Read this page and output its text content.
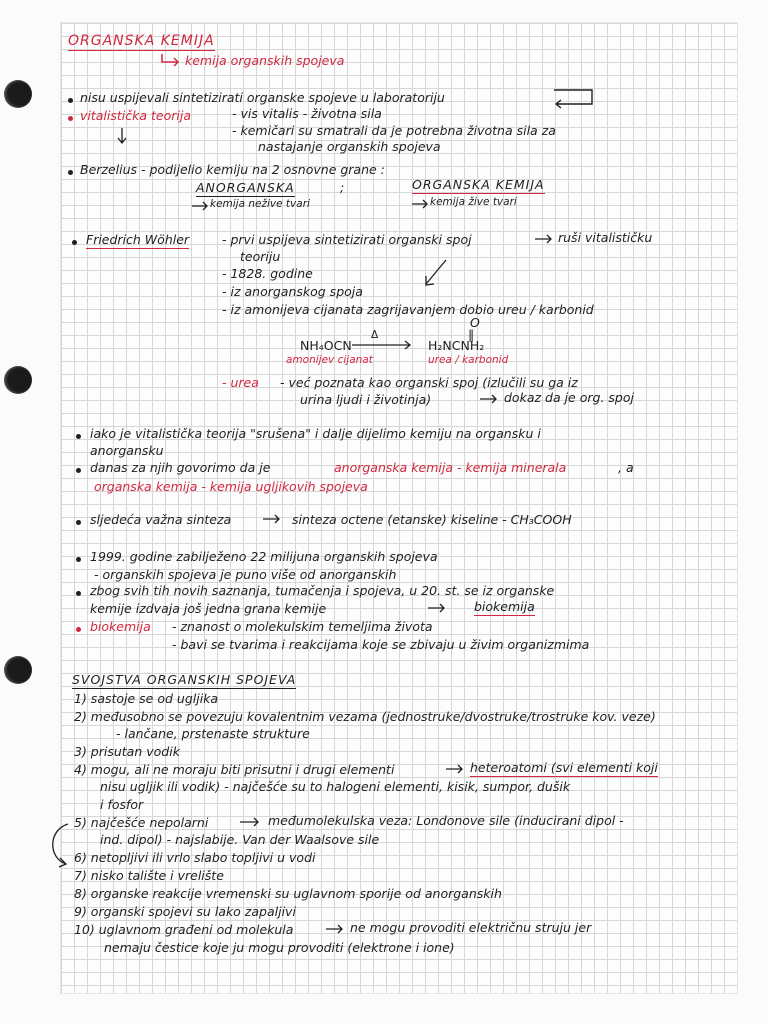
ORGANSKA KEMIJA
kemija organskih spojeva
nisu uspijevali sintetizirati organske spojeve u laboratoriju
vitalistička teorija	- vis vitalis - životna sila
- kemičari su smatrali da je potrebna životna sila za
nastajanje organskih spojeva
Berzelius - podijelio kemiju na 2 osnovne grane :
ANORGANSKA	;	ORGANSKA KEMIJA
kemija nežive tvari	kemija žive tvari
Friedrich Wöhler	- prvi uspijeva sintetizirati organski spoj	ruši vitalističku
teoriju
- 1828. godine
- iz anorganskog spoja
- iz amonijeva cijanata zagrijavanjem dobio ureu / karbonid
O
‖
NH₄OCN
Δ
→ H₂NCNH₂
amonijev cijanat	urea / karbonid
- urea - već poznata kao organski spoj (izlučili su ga iz
urina ljudi i životinja)	dokaz da je org. spoj
iako je vitalistička teorija "srušena" i dalje dijelimo kemiju na organsku i
anorgansku
danas za njih govorimo da je	anorganska kemija - kemija minerala	, a
organska kemija - kemija ugljikovih spojeva
sljedeća važna sinteza	sinteza octene (etanske) kiseline - CH₃COOH
1999. godine zabilježeno 22 milijuna organskih spojeva
- organskih spojeva je puno više od anorganskih
zbog svih tih novih saznanja, tumačenja i spojeva, u 20. st. se iz organske
kemije izdvaja još jedna grana kemije	biokemija
biokemija - znanost o molekulskim temeljima života
- bavi se tvarima i reakcijama koje se zbivaju u živim organizmima
SVOJSTVA ORGANSKIH SPOJEVA
1) sastoje se od ugljika
2) međusobno se povezuju kovalentnim vezama (jednostruke/dvostruke/trostruke kov. veze)
- lančane, prstenaste strukture
3) prisutan vodik
4) mogu, ali ne moraju biti prisutni i drugi elementi	heteroatomi (svi elementi koji
nisu ugljik ili vodik) - najčešće su to halogeni elementi, kisik, sumpor, dušik
i fosfor
5) najčešće nepolarni	međumolekulska veza: Londonove sile (inducirani dipol -
ind. dipol) - najslabije. Van der Waalsove sile
6) netopljivi ili vrlo slabo topljivi u vodi
7) nisko talište i vrelište
8) organske reakcije vremenski su uglavnom sporije od anorganskih
9) organski spojevi su lako zapaljivi
10) uglavnom građeni od molekula	ne mogu provoditi električnu struju jer
nemaju čestice koje ju mogu provoditi (elektrone i ione)
